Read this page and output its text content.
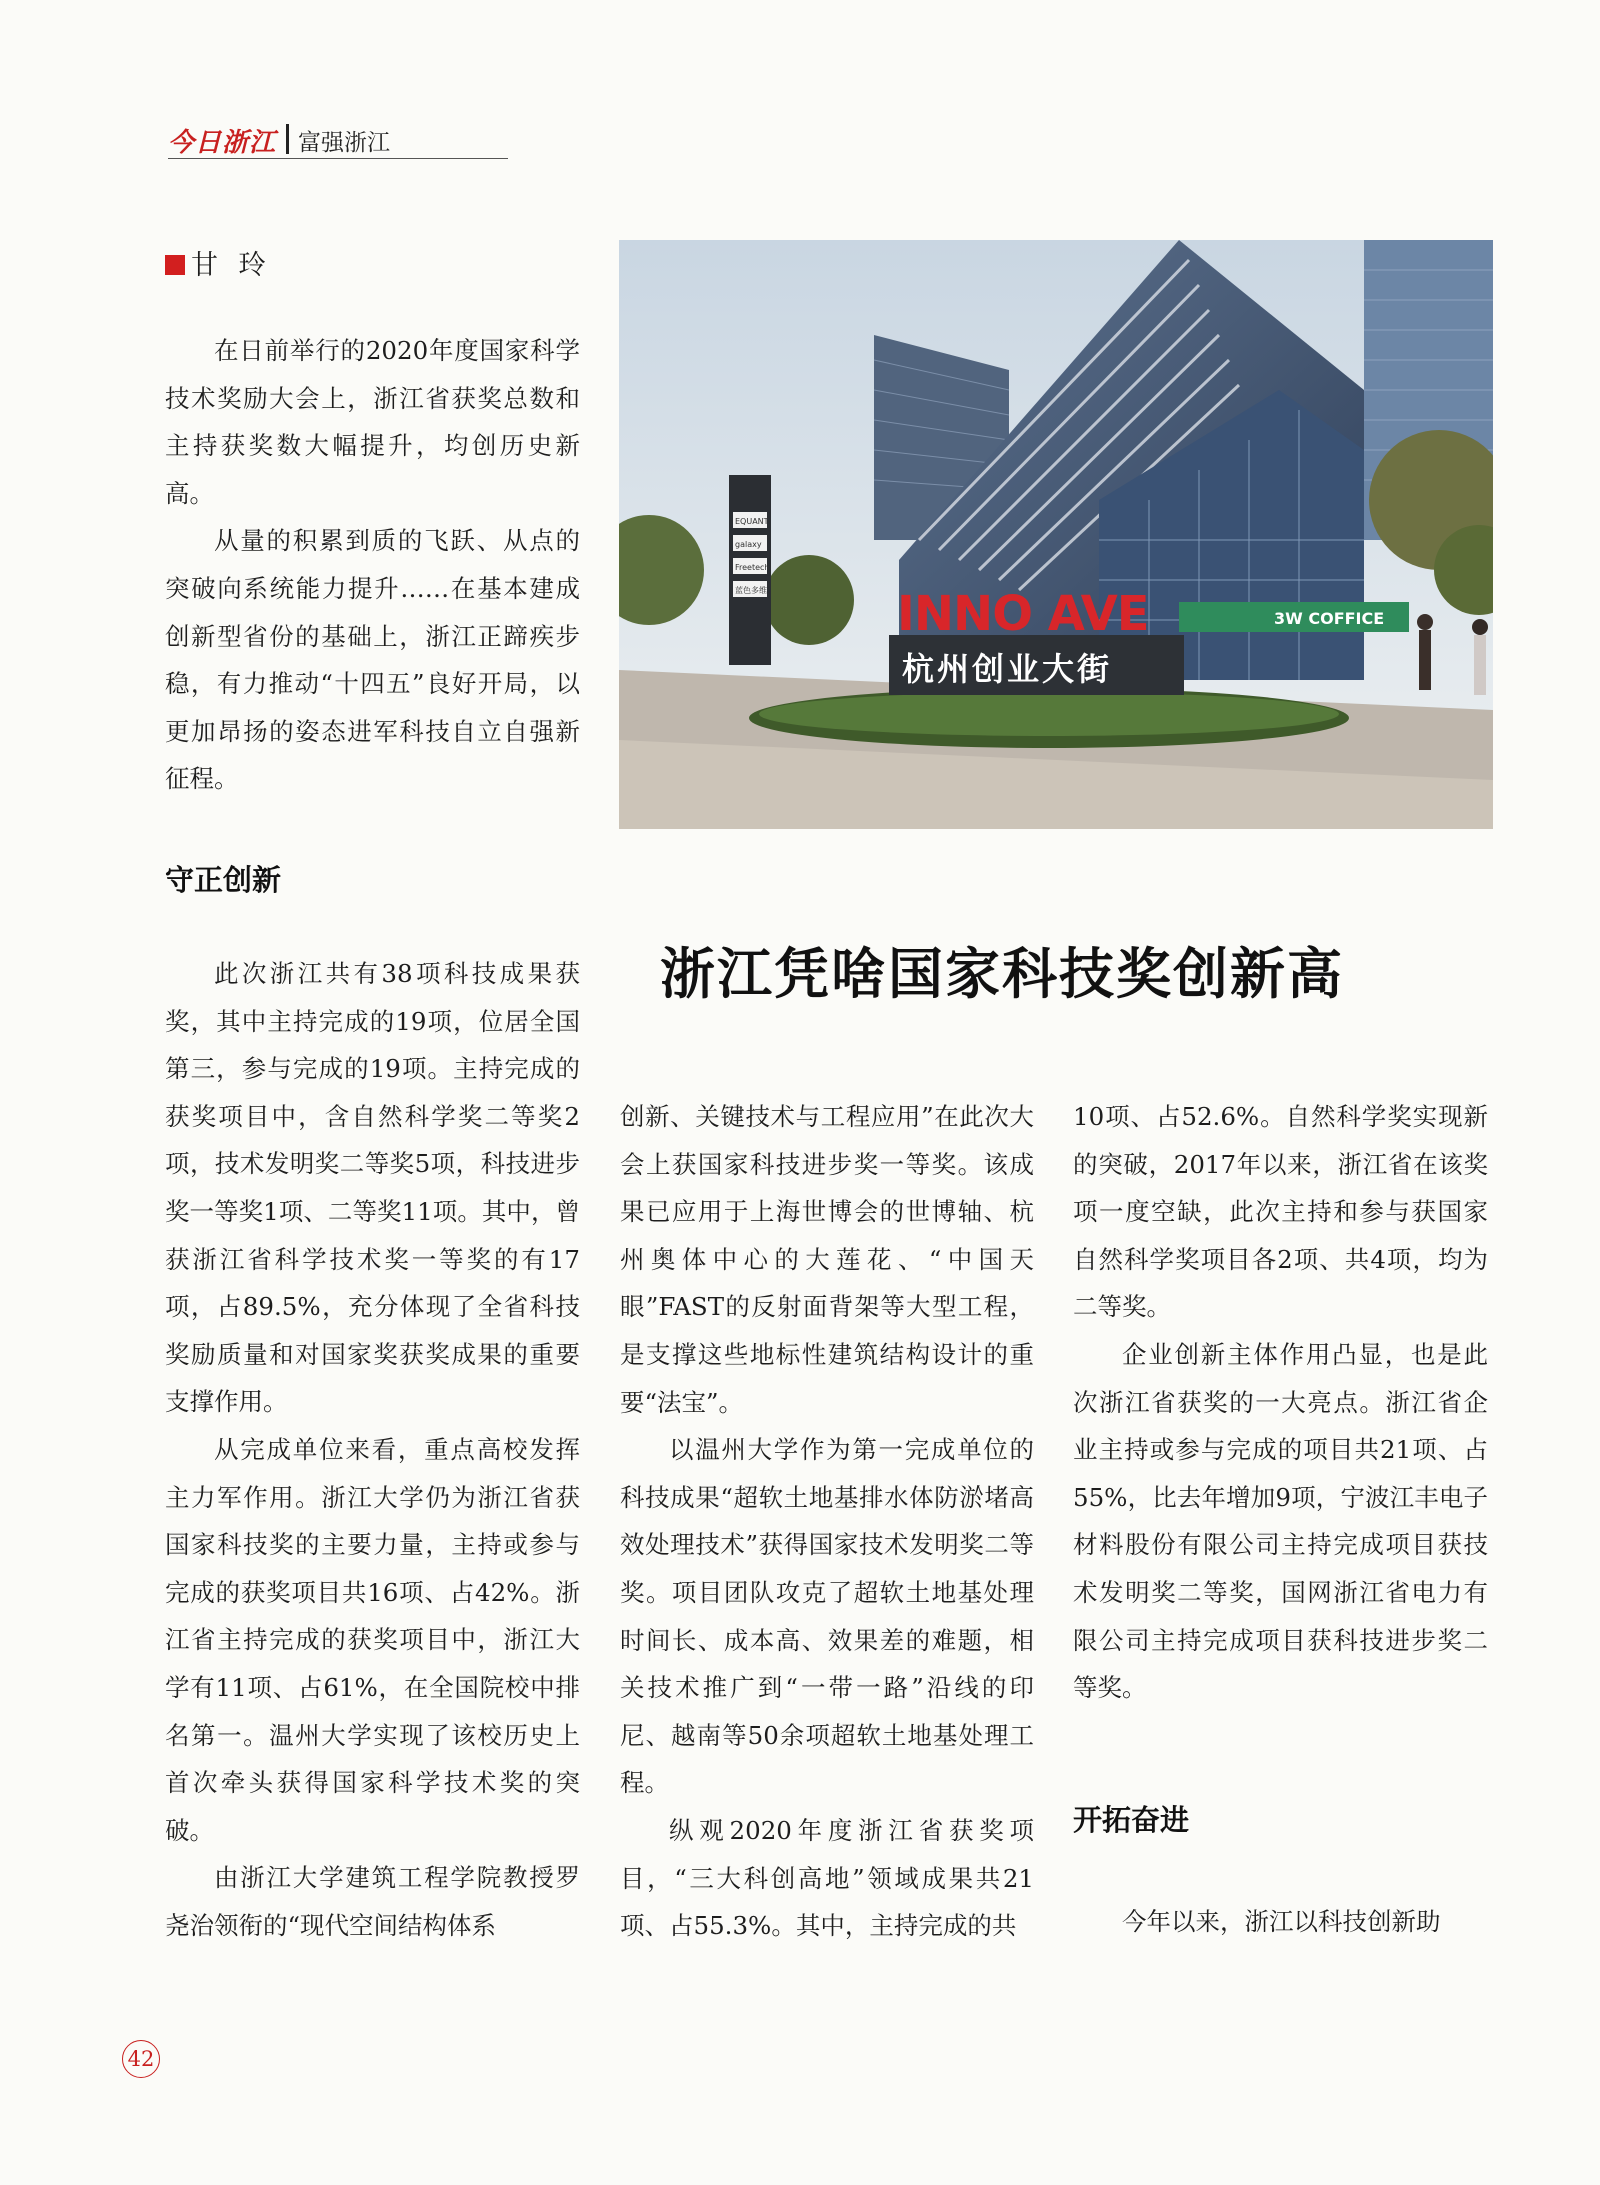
今日浙江 富强浙江
甘 玲
3W COFFICE
INNO AVE
杭州创业大街
EQUANT
galaxy
Freetech
蓝色多维

在日前举行的2020年度国家科学技术奖励大会上，浙江省获奖总数和主持获奖数大幅提升，均创历史新高。

从量的积累到质的飞跃、从点的突破向系统能力提升……在基本建成创新型省份的基础上，浙江正蹄疾步稳，有力推动“十四五”良好开局，以更加昂扬的姿态进军科技自立自强新征程。

守正创新

此次浙江共有38项科技成果获奖，其中主持完成的19项，位居全国第三，参与完成的19项。主持完成的获奖项目中，含自然科学奖二等奖2项，技术发明奖二等奖5项，科技进步奖一等奖1项、二等奖11项。其中，曾获浙江省科学技术奖一等奖的有17项，占89.5%，充分体现了全省科技奖励质量和对国家奖获奖成果的重要支撑作用。

从完成单位来看，重点高校发挥主力军作用。浙江大学仍为浙江省获国家科技奖的主要力量，主持或参与完成的获奖项目共16项、占42%。浙江省主持完成的获奖项目中，浙江大学有11项、占61%，在全国院校中排名第一。温州大学实现了该校历史上首次牵头获得国家科学技术奖的突破。

由浙江大学建筑工程学院教授罗尧治领衔的“现代空间结构体系

浙江凭啥国家科技奖创新高

创新、关键技术与工程应用”在此次大会上获国家科技进步奖一等奖。该成果已应用于上海世博会的世博轴、杭州奥体中心的大莲花、“中国天眼”FAST的反射面背架等大型工程，是支撑这些地标性建筑结构设计的重要“法宝”。

以温州大学作为第一完成单位的科技成果“超软土地基排水体防淤堵高效处理技术”获得国家技术发明奖二等奖。项目团队攻克了超软土地基处理时间长、成本高、效果差的难题，相关技术推广到“一带一路”沿线的印尼、越南等50余项超软土地基处理工程。

纵观2020年度浙江省获奖项目，“三大科创高地”领域成果共21项、占55.3%。其中，主持完成的共

10项、占52.6%。自然科学奖实现新的突破，2017年以来，浙江省在该奖项一度空缺，此次主持和参与获国家自然科学奖项目各2项、共4项，均为二等奖。

企业创新主体作用凸显，也是此次浙江省获奖的一大亮点。浙江省企业主持或参与完成的项目共21项、占55%，比去年增加9项，宁波江丰电子材料股份有限公司主持完成项目获技术发明奖二等奖，国网浙江省电力有限公司主持完成项目获科技进步奖二等奖。

开拓奋进

今年以来，浙江以科技创新助

42
